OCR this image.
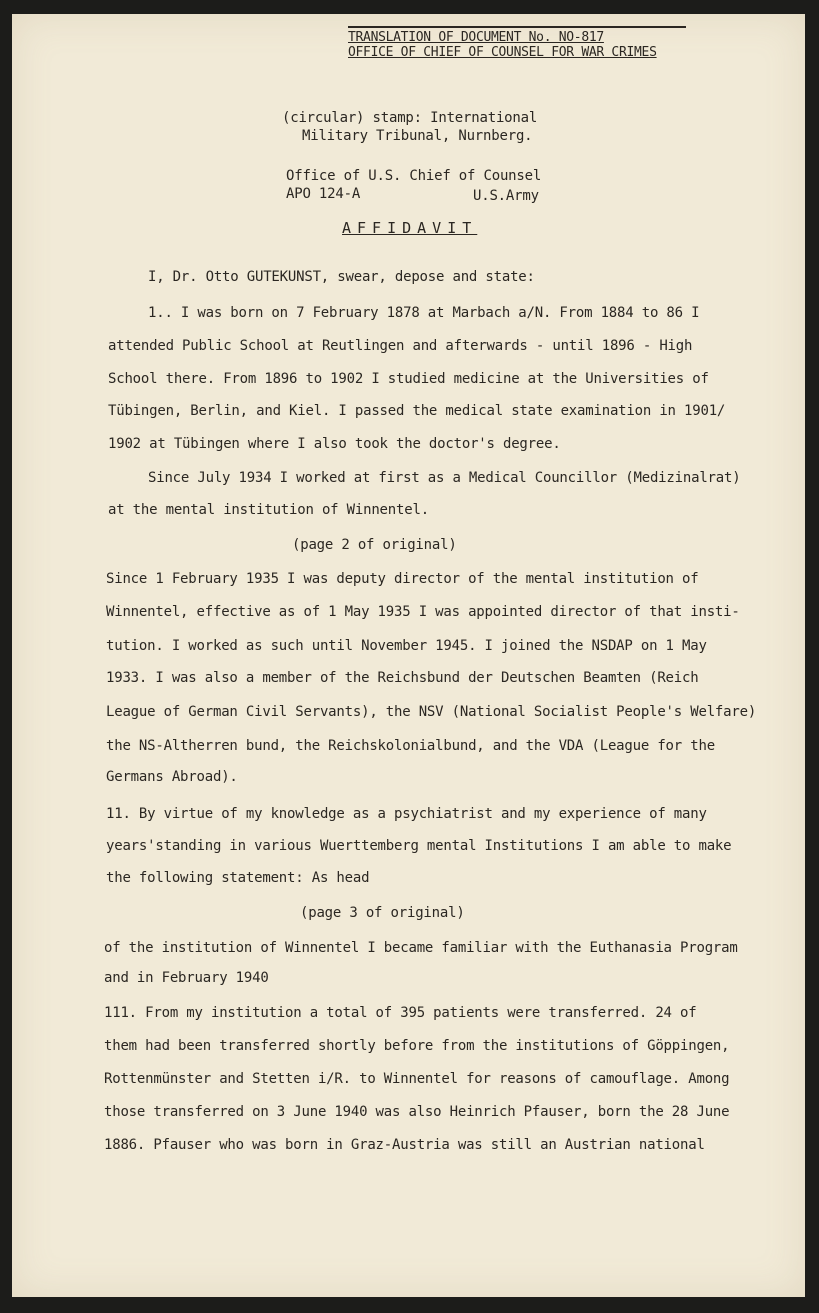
TRANSLATION OF DOCUMENT No. NO-817
OFFICE OF CHIEF OF COUNSEL FOR WAR CRIMES
(circular) stamp: International
Military Tribunal, Nurnberg.
Office of U.S. Chief of Counsel
APO 124-A	U.S.Army
AFFIDAVIT
I, Dr. Otto GUTEKUNST, swear, depose and state:
1.. I was born on 7 February 1878 at Marbach a/N. From 1884 to 86 I
attended Public School at Reutlingen and afterwards - until 1896 - High
School there. From 1896 to 1902 I studied medicine at the Universities of
Tübingen, Berlin, and Kiel. I passed the medical state examination in 1901/
1902 at Tübingen where I also took the doctor's degree.
Since July 1934 I worked at first as a Medical Councillor (Medizinalrat)
at the mental institution of Winnentel.
(page 2 of original)
Since 1 February 1935 I was deputy director of the mental institution of
Winnentel, effective as of 1 May 1935 I was appointed director of that insti-
tution. I worked as such until November 1945. I joined the NSDAP on 1 May
1933. I was also a member of the Reichsbund der Deutschen Beamten (Reich
League of German Civil Servants), the NSV (National Socialist People's Welfare)
the NS-Altherren bund, the Reichskolonialbund, and the VDA (League for the
Germans Abroad).
11. By virtue of my knowledge as a psychiatrist and my experience of many
years'standing in various Wuerttemberg mental Institutions I am able to make
the following statement: As head
(page 3 of original)
of the institution of Winnentel I became familiar with the Euthanasia Program
and in February 1940
111. From my institution a total of 395 patients were transferred. 24 of
them had been transferred shortly before from the institutions of Göppingen,
Rottenmünster and Stetten i/R. to Winnentel for reasons of camouflage. Among
those transferred on 3 June 1940 was also Heinrich Pfauser, born the 28 June
1886. Pfauser who was born in Graz-Austria was still an Austrian national
